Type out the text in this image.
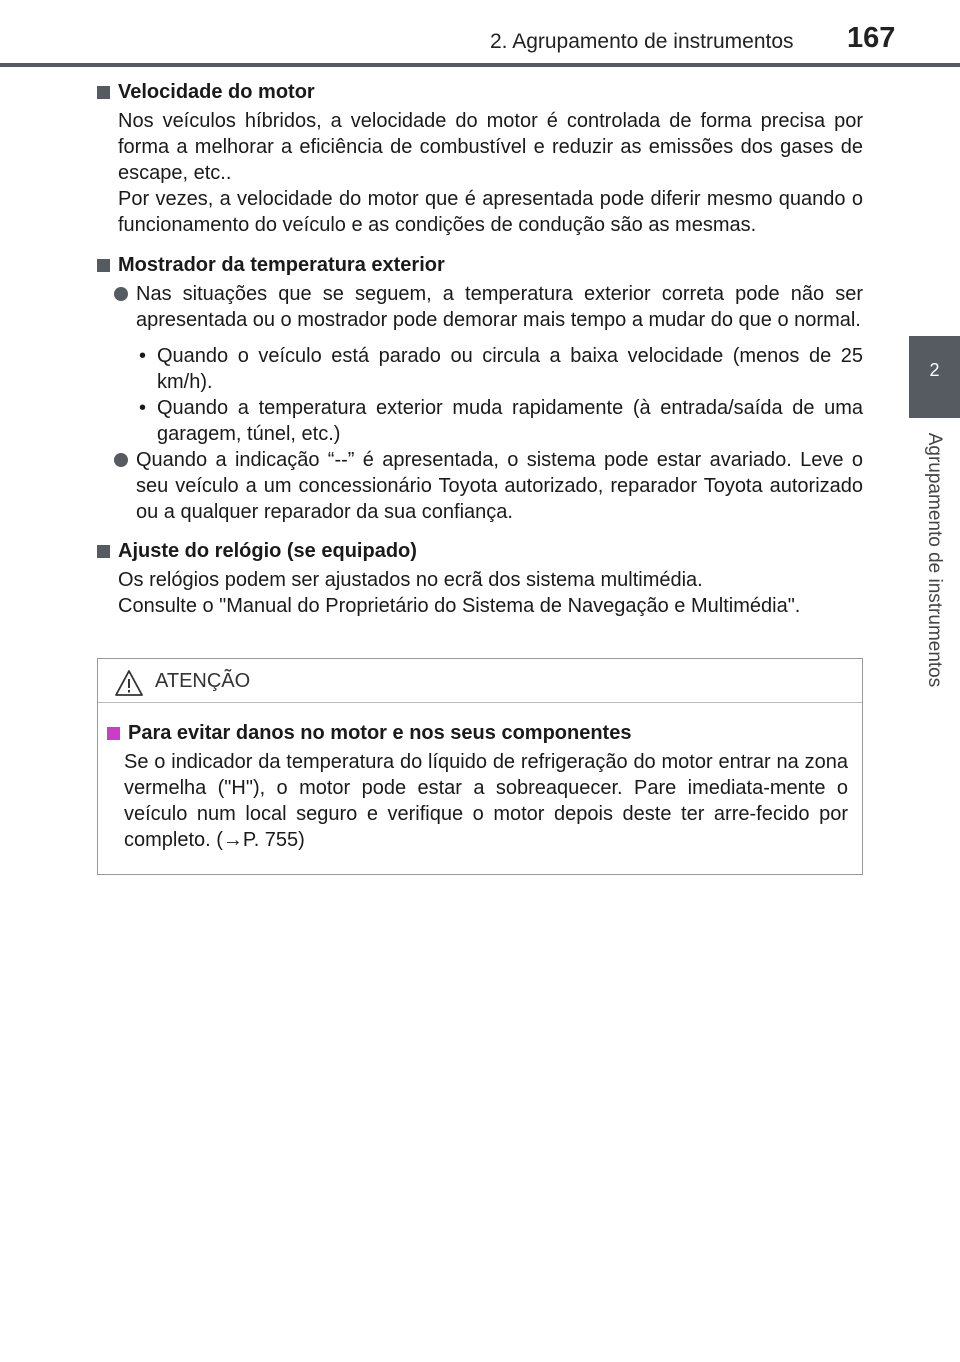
2. Agrupamento de instrumentos 167
2
Agrupamento de instrumentos
Velocidade do motor
Nos veículos híbridos, a velocidade do motor é controlada de forma precisa por forma a melhorar a eficiência de combustível e reduzir as emissões dos gases de escape, etc..
Por vezes, a velocidade do motor que é apresentada pode diferir mesmo quando o funcionamento do veículo e as condições de condução são as mesmas.
Mostrador da temperatura exterior
Nas situações que se seguem, a temperatura exterior correta pode não ser apresentada ou o mostrador pode demorar mais tempo a mudar do que o normal.
• Quando o veículo está parado ou circula a baixa velocidade (menos de 25 km/h).
• Quando a temperatura exterior muda rapidamente (à entrada/saída de uma garagem, túnel, etc.)
Quando a indicação “--” é apresentada, o sistema pode estar avariado. Leve o seu veículo a um concessionário Toyota autorizado, reparador Toyota autorizado ou a qualquer reparador da sua confiança.
Ajuste do relógio (se equipado)
Os relógios podem ser ajustados no ecrã dos sistema multimédia.
Consulte o "Manual do Proprietário do Sistema de Navegação e Multimédia".
ATENÇÃO
Para evitar danos no motor e nos seus componentes
Se o indicador da temperatura do líquido de refrigeração do motor entrar na zona vermelha ("H"), o motor pode estar a sobreaquecer. Pare imediata-mente o veículo num local seguro e verifique o motor depois deste ter arre-fecido por completo. (→P. 755)
